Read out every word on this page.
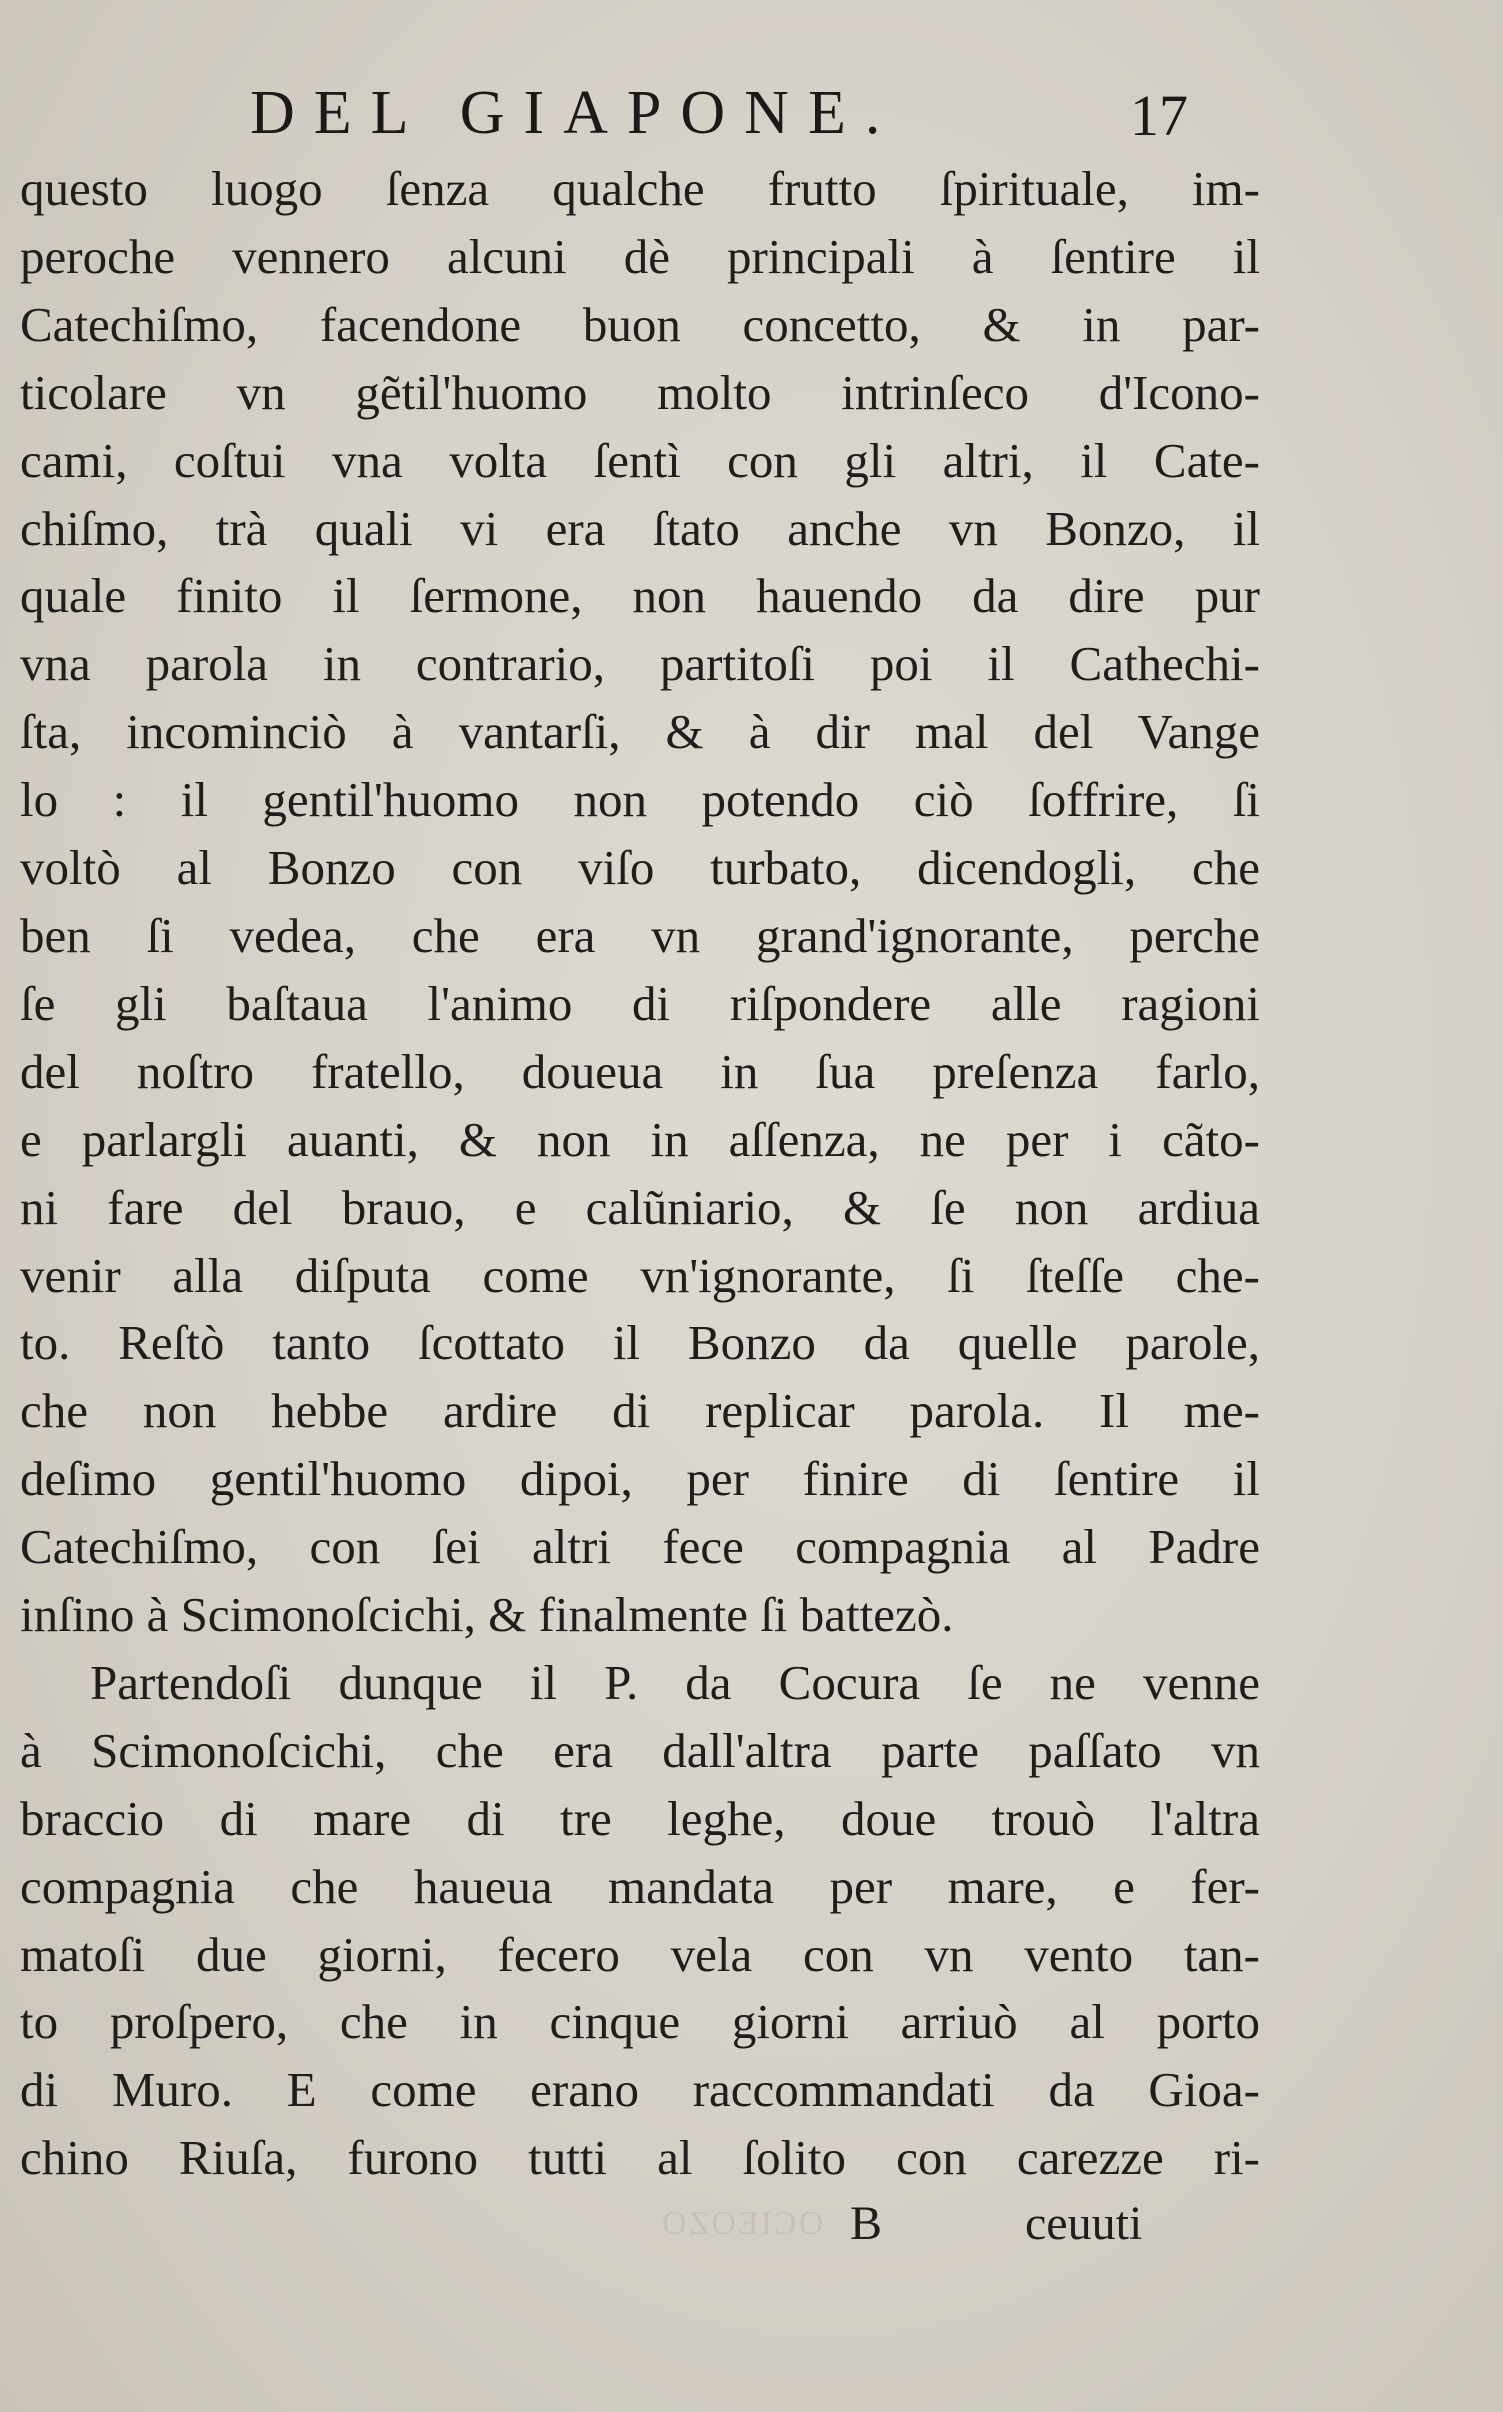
OCIEOZO
DEL GIAPONE.	17
questo luogo ſenza qualche frutto ſpirituale, im-
peroche vennero alcuni dè principali à ſentire il
Catechiſmo, facendone buon concetto, & in par-
ticolare vn gẽtil'huomo molto intrinſeco d'Icono-
cami, coſtui vna volta ſentì con gli altri, il Cate-
chiſmo, trà quali vi era ſtato anche vn Bonzo, il
quale finito il ſermone, non hauendo da dire pur
vna parola in contrario, partitoſi poi il Cathechi-
ſta, incominciò à vantarſi, & à dir mal del Vange
lo : il gentil'huomo non potendo ciò ſoffrire, ſi
voltò al Bonzo con viſo turbato, dicendogli, che
ben ſi vedea, che era vn grand'ignorante, perche
ſe gli baſtaua l'animo di riſpondere alle ragioni
del noſtro fratello, doueua in ſua preſenza farlo,
e parlargli auanti, & non in aſſenza, ne per i cãto-
ni fare del brauo, e calũniario, & ſe non ardiua
venir alla diſputa come vn'ignorante, ſi ſteſſe che-
to. Reſtò tanto ſcottato il Bonzo da quelle parole,
che non hebbe ardire di replicar parola. Il me-
deſimo gentil'huomo dipoi, per finire di ſentire il
Catechiſmo, con ſei altri fece compagnia al Padre
inſino à Scimonoſcichi, & finalmente ſi battezò.
Partendoſi dunque il P. da Cocura ſe ne venne
à Scimonoſcichi, che era dall'altra parte paſſato vn
braccio di mare di tre leghe, doue trouò l'altra
compagnia che haueua mandata per mare, e fer-
matoſi due giorni, fecero vela con vn vento tan-
to proſpero, che in cinque giorni arriuò al porto
di Muro. E come erano raccommandati da Gioa-
chino Riuſa, furono tutti al ſolito con carezze ri-
B	ceuuti
